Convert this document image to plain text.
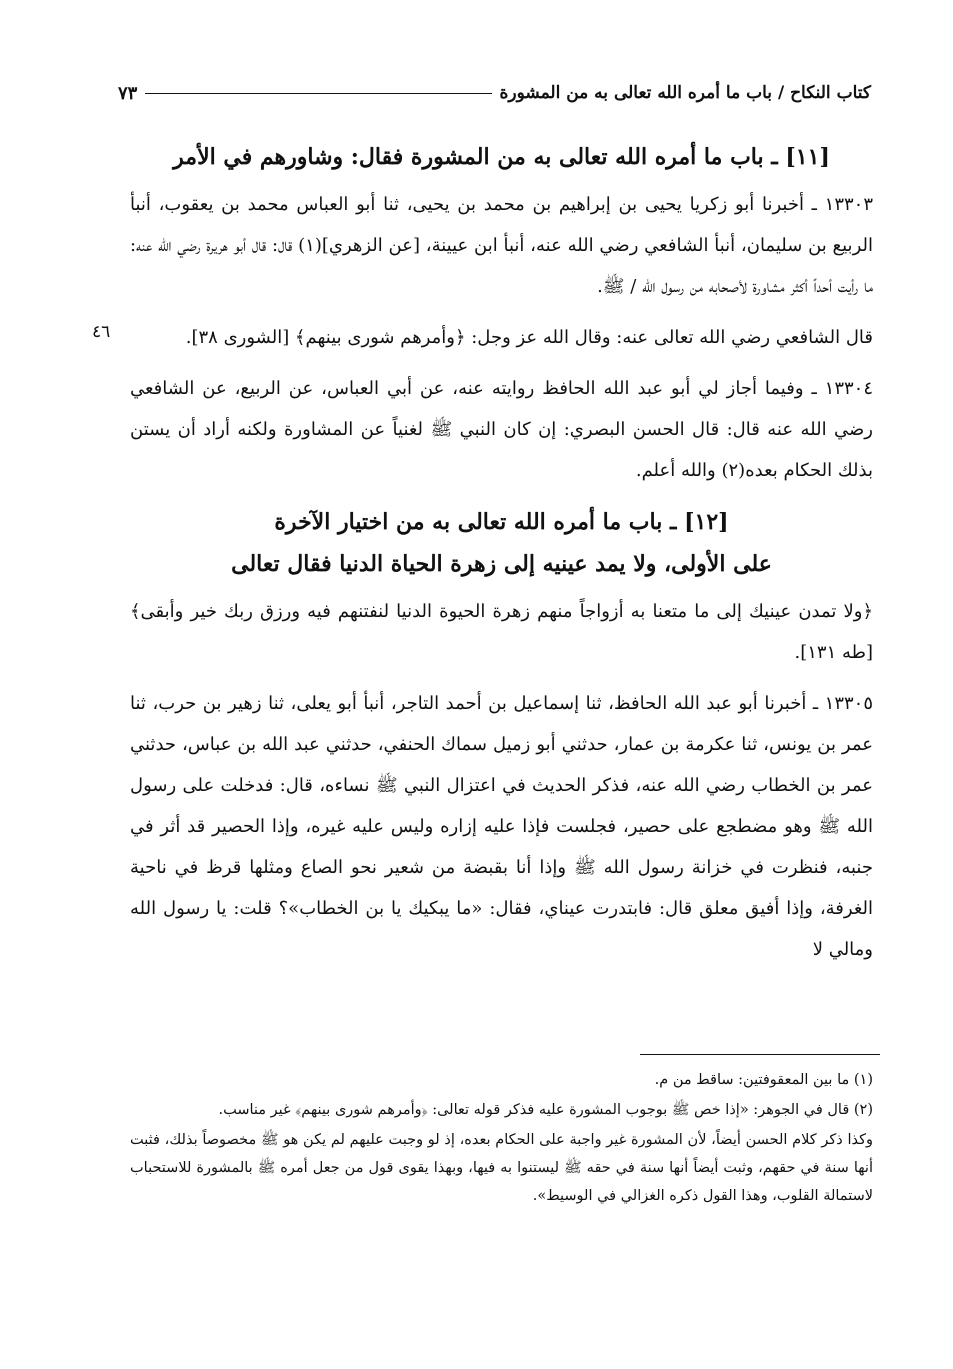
كتاب النكاح / باب ما أمره الله تعالى به من المشورة
٧٣
٤٦
[١١] ـ باب ما أمره الله تعالى به من المشورة فقال: وشاورهم في الأمر

١٣٣٠٣ ـ أخبرنا أبو زكريا يحيى بن إبراهيم بن محمد بن يحيى، ثنا أبو العباس محمد بن يعقوب، أنبأ الربيع بن سليمان، أنبأ الشافعي رضي الله عنه، أنبأ ابن عيينة، [عن الزهري](١) قال: قال أبو هريرة رضي الله عنه: ما رأيت أحداً أكثر مشاورة لأصحابه من رسول الله / ﷺ.

قال الشافعي رضي الله تعالى عنه: وقال الله عز وجل: ﴿وأمرهم شورى بينهم﴾ [الشورى ٣٨].

١٣٣٠٤ ـ وفيما أجاز لي أبو عبد الله الحافظ روايته عنه، عن أبي العباس، عن الربيع، عن الشافعي رضي الله عنه قال: قال الحسن البصري: إن كان النبي ﷺ لغنياً عن المشاورة ولكنه أراد أن يستن بذلك الحكام بعده(٢) والله أعلم.

[١٢] ـ باب ما أمره الله تعالى به من اختيار الآخرة
على الأولى، ولا يمد عينيه إلى زهرة الحياة الدنيا فقال تعالى

﴿ولا تمدن عينيك إلى ما متعنا به أزواجاً منهم زهرة الحيوة الدنيا لنفتنهم فيه ورزق ربك خير وأبقى﴾ [طه ١٣١].

١٣٣٠٥ ـ أخبرنا أبو عبد الله الحافظ، ثنا إسماعيل بن أحمد التاجر، أنبأ أبو يعلى، ثنا زهير بن حرب، ثنا عمر بن يونس، ثنا عكرمة بن عمار، حدثني أبو زميل سماك الحنفي، حدثني عبد الله بن عباس، حدثني عمر بن الخطاب رضي الله عنه، فذكر الحديث في اعتزال النبي ﷺ نساءه، قال: فدخلت على رسول الله ﷺ وهو مضطجع على حصير، فجلست فإذا عليه إزاره وليس عليه غيره، وإذا الحصير قد أثر في جنبه، فنظرت في خزانة رسول الله ﷺ وإذا أنا بقبضة من شعير نحو الصاع ومثلها قرظ في ناحية الغرفة، وإذا أفيق معلق قال: فابتدرت عيناي، فقال: «ما يبكيك يا بن الخطاب»؟ قلت: يا رسول الله ومالي لا

(١) ما بين المعقوفتين: ساقط من م.

(٢) قال في الجوهر: «إذا خص ﷺ بوجوب المشورة عليه فذكر قوله تعالى: ﴿وأمرهم شورى بينهم﴾ غير مناسب.

وكذا ذكر كلام الحسن أيضاً، لأن المشورة غير واجبة على الحكام بعده، إذ لو وجبت عليهم لم يكن هو ﷺ مخصوصاً بذلك، فثبت أنها سنة في حقهم، وثبت أيضاً أنها سنة في حقه ﷺ ليستنوا به فيها، وبهذا يقوى قول من جعل أمره ﷺ بالمشورة للاستحباب لاستمالة القلوب، وهذا القول ذكره الغزالي في الوسيط».
